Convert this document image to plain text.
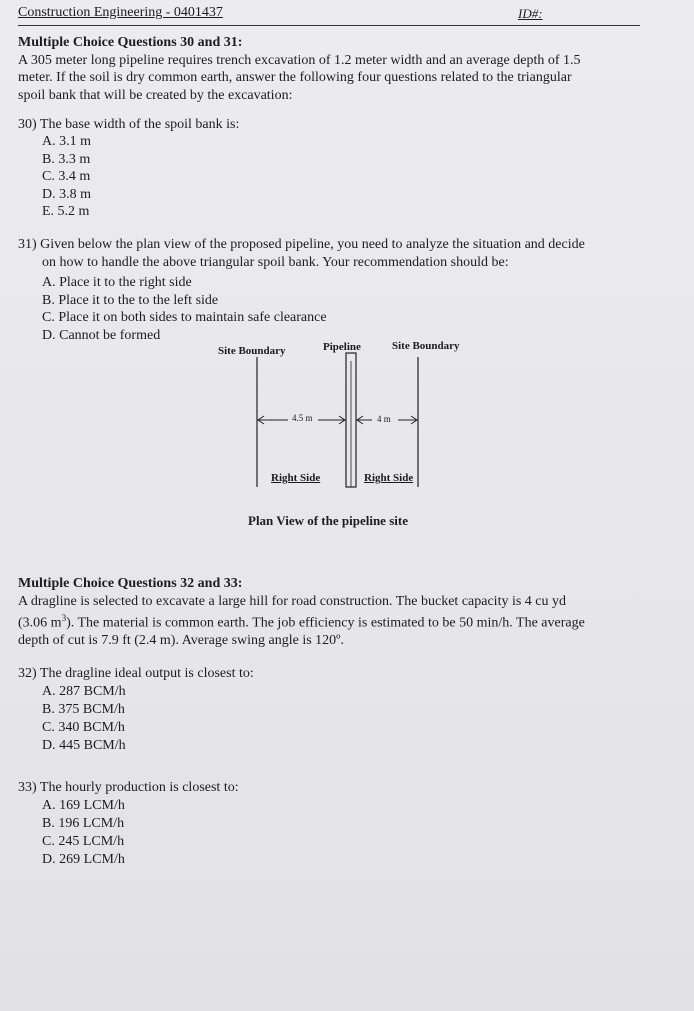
Construction Engineering - 0401437	ID#:
Multiple Choice Questions 30 and 31:
A 305 meter long pipeline requires trench excavation of 1.2 meter width and an average depth of 1.5
meter. If the soil is dry common earth, answer the following four questions related to the triangular
spoil bank that will be created by the excavation:
30) The base width of the spoil bank is:
A. 3.1 m
B. 3.3 m
C. 3.4 m
D. 3.8 m
E. 5.2 m
31) Given below the plan view of the proposed pipeline, you need to analyze the situation and decide
on how to handle the above triangular spoil bank. Your recommendation should be:
A. Place it to the right side
B. Place it to the to the left side
C. Place it on both sides to maintain safe clearance
D. Cannot be formed
Site Boundary	Pipeline	Site Boundary
4.5 m	4 m
Right Side	Right Side
Plan View of the pipeline site
Multiple Choice Questions 32 and 33:
A dragline is selected to excavate a large hill for road construction. The bucket capacity is 4 cu yd
(3.06 $m^3$). The material is common earth. The job efficiency is estimated to be 50 min/h. The average
depth of cut is 7.9 ft (2.4 m). Average swing angle is 120º.
32) The dragline ideal output is closest to:
A. 287 BCM/h
B. 375 BCM/h
C. 340 BCM/h
D. 445 BCM/h
33) The hourly production is closest to:
A. 169 LCM/h
B. 196 LCM/h
C. 245 LCM/h
D. 269 LCM/h
